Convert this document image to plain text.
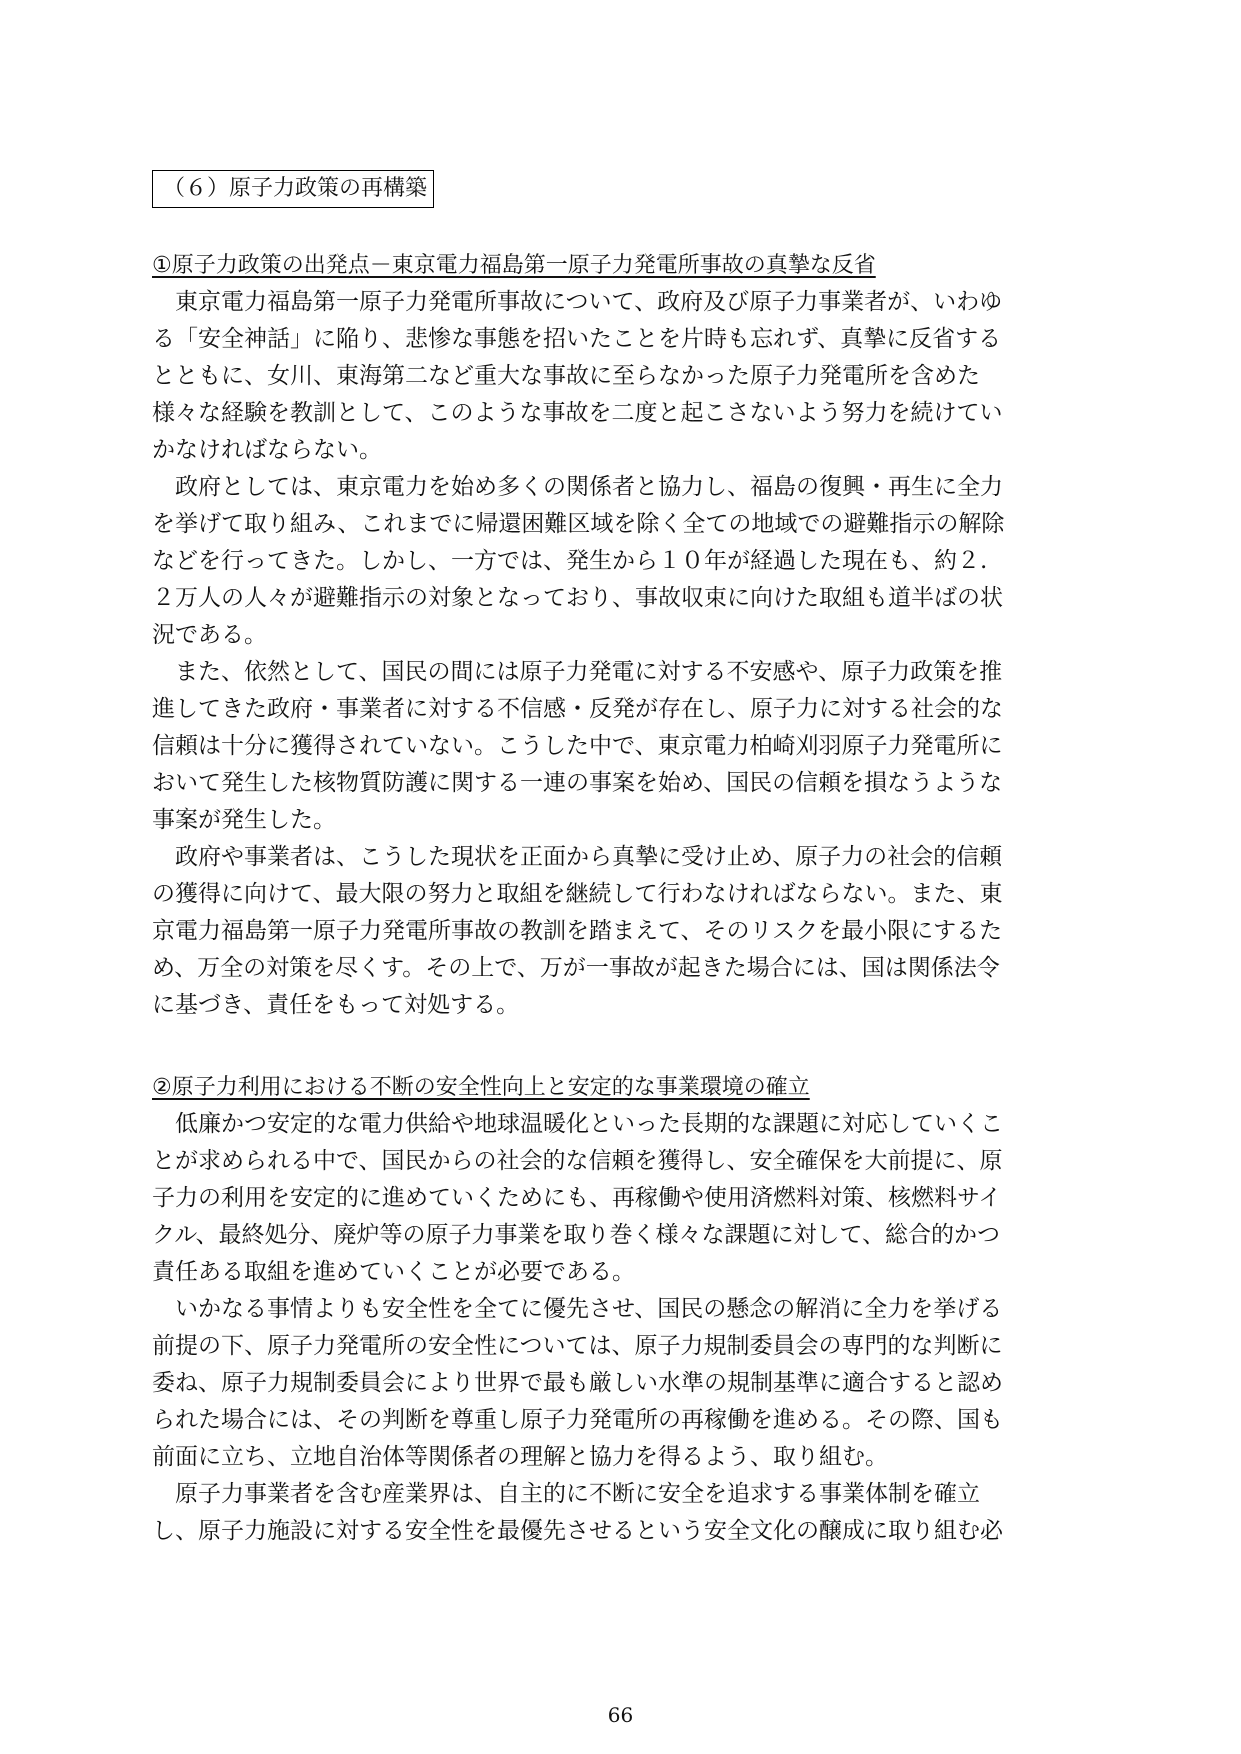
（６）原子力政策の再構築
①原子力政策の出発点－東京電力福島第一原子力発電所事故の真摯な反省
　東京電力福島第一原子力発電所事故について、政府及び原子力事業者が、いわゆ
る「安全神話」に陥り、悲惨な事態を招いたことを片時も忘れず、真摯に反省する
とともに、女川、東海第二など重大な事故に至らなかった原子力発電所を含めた
様々な経験を教訓として、このような事故を二度と起こさないよう努力を続けてい
かなければならない。
　政府としては、東京電力を始め多くの関係者と協力し、福島の復興・再生に全力
を挙げて取り組み、これまでに帰還困難区域を除く全ての地域での避難指示の解除
などを行ってきた。しかし、一方では、発生から１０年が経過した現在も、約２.
２万人の人々が避難指示の対象となっており、事故収束に向けた取組も道半ばの状
況である。
　また、依然として、国民の間には原子力発電に対する不安感や、原子力政策を推
進してきた政府・事業者に対する不信感・反発が存在し、原子力に対する社会的な
信頼は十分に獲得されていない。こうした中で、東京電力柏崎刈羽原子力発電所に
おいて発生した核物質防護に関する一連の事案を始め、国民の信頼を損なうような
事案が発生した。
　政府や事業者は、こうした現状を正面から真摯に受け止め、原子力の社会的信頼
の獲得に向けて、最大限の努力と取組を継続して行わなければならない。また、東
京電力福島第一原子力発電所事故の教訓を踏まえて、そのリスクを最小限にするた
め、万全の対策を尽くす。その上で、万が一事故が起きた場合には、国は関係法令
に基づき、責任をもって対処する。
②原子力利用における不断の安全性向上と安定的な事業環境の確立
　低廉かつ安定的な電力供給や地球温暖化といった長期的な課題に対応していくこ
とが求められる中で、国民からの社会的な信頼を獲得し、安全確保を大前提に、原
子力の利用を安定的に進めていくためにも、再稼働や使用済燃料対策、核燃料サイ
クル、最終処分、廃炉等の原子力事業を取り巻く様々な課題に対して、総合的かつ
責任ある取組を進めていくことが必要である。
　いかなる事情よりも安全性を全てに優先させ、国民の懸念の解消に全力を挙げる
前提の下、原子力発電所の安全性については、原子力規制委員会の専門的な判断に
委ね、原子力規制委員会により世界で最も厳しい水準の規制基準に適合すると認め
られた場合には、その判断を尊重し原子力発電所の再稼働を進める。その際、国も
前面に立ち、立地自治体等関係者の理解と協力を得るよう、取り組む。
　原子力事業者を含む産業界は、自主的に不断に安全を追求する事業体制を確立
し、原子力施設に対する安全性を最優先させるという安全文化の醸成に取り組む必
66
